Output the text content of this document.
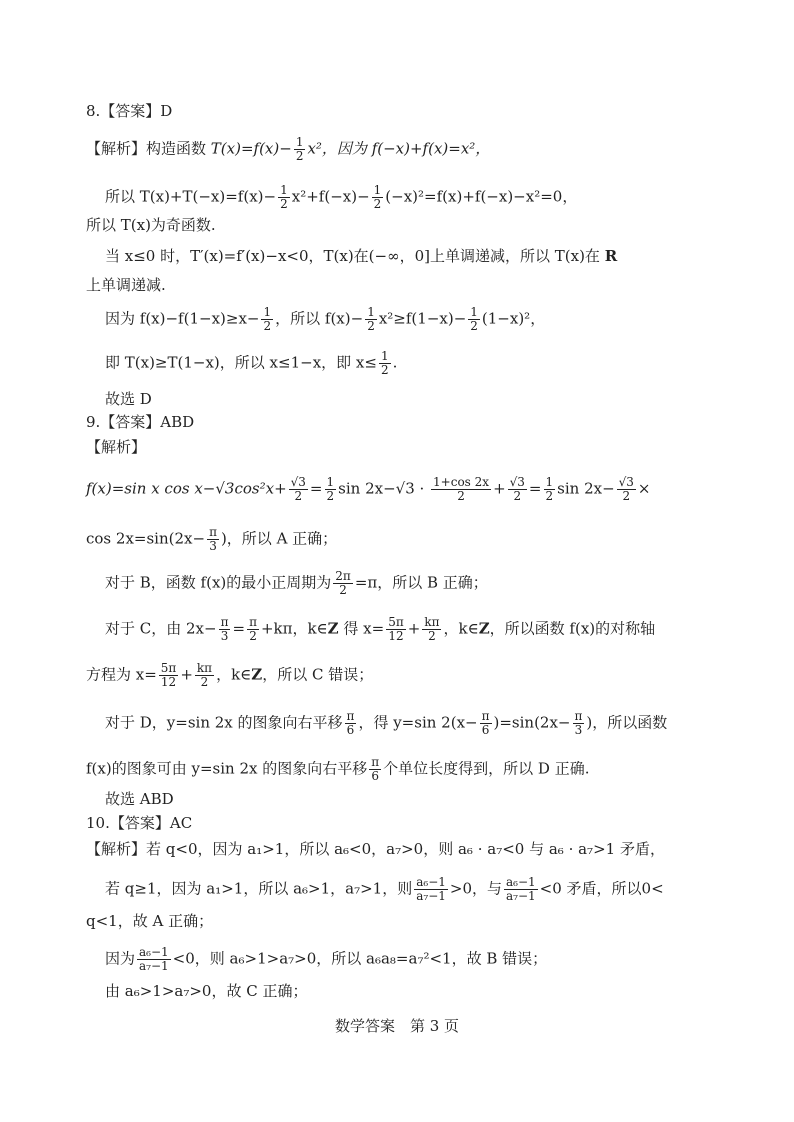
8.【答案】D
【解析】构造函数 $T(x)=f(x)- \frac{1}{2} x^2$，因为 f(−x)+f(x)=x²，
所以 $T(x)+T(-x)=f(x)- \frac{1}{2} x^2+f(-x)- \frac{1}{2} (-x)^2=f(x)+f(-x)-x^2=0$，
所以 T(x)为奇函数.
当 x≤0 时，T′(x)=f′(x)−x<0，T(x)在(−∞，0]上单调递减，所以 T(x)在 R
上单调递减.
因为 $f(x)-f(1-x)\ge x- \frac{1}{2}$ ，所以 $f(x)- \frac{1}{2} x^2\ge f(1-x)- \frac{1}{2} (1-x)^2$，
即 T(x)≥T(1−x)，所以 x≤1−x，即 $x\le \frac{1}{2}$ .
故选 D
9.【答案】ABD
【解析】
f(x)=sin x $\cos x-√3\cos^2x+ \frac{√3}{2} = \frac{1}{2}$ $\sin 2x-√3 \cdot \frac{1+\cos 2x}{2} + \frac{√3}{2} = \frac{1}{2}$ $\sin 2x- \frac{√3}{2}$ ×
$\cos 2x=\sin(2x- \frac{\pi}{3}$ )，所以 A 正确；
对于 B，函数 f(x)的最小正周期为 $\frac{2\pi}{2} =\pi$，所以 B 正确；
对于 C，由 $2x- \frac{\pi}{3} = \frac{\pi}{2} +k\pi$，k∈Z 得 $x= \frac{5\pi}{12} + \frac{k\pi}{2}$ ，k∈Z，所以函数 f(x)的对称轴
方程为 $x= \frac{5\pi}{12} + \frac{k\pi}{2}$ ，k∈Z，所以 C 错误；
对于 D，y=sin 2x 的图象向右平移 $\frac{\pi}{6}$ ，得 y=sin $2(x- \frac{\pi}{6} )=\sin(2x- \frac{\pi}{3}$ )，所以函数
f(x)的图象可由 y=sin 2x 的图象向右平移 $\frac{\pi}{6}$ 个单位长度得到，所以 D 正确.
故选 ABD
10.【答案】AC
【解析】若 q<0，因为 a₁>1，所以 a₆<0，a₇>0，则 a₆ · a₇<0 与 a₆ · a₇>1 矛盾，
若 q≥1，因为 a₁>1，所以 a₆>1，a₇>1，则 $\frac{\text{a₆−1}}{\text{a₇−1}} >0$，与 $\frac{\text{a₆−1}}{\text{a₇−1}} <0$ 矛盾，所以0<
q<1，故 A 正确；
因为 $\frac{\text{a₆−1}}{\text{a₇−1}} <0$，则 a₆>1>a₇>0，所以 a₆a₈=a₇²<1，故 B 错误；
由 a₆>1>a₇>0，故 C 正确；
数学答案　第 3 页
